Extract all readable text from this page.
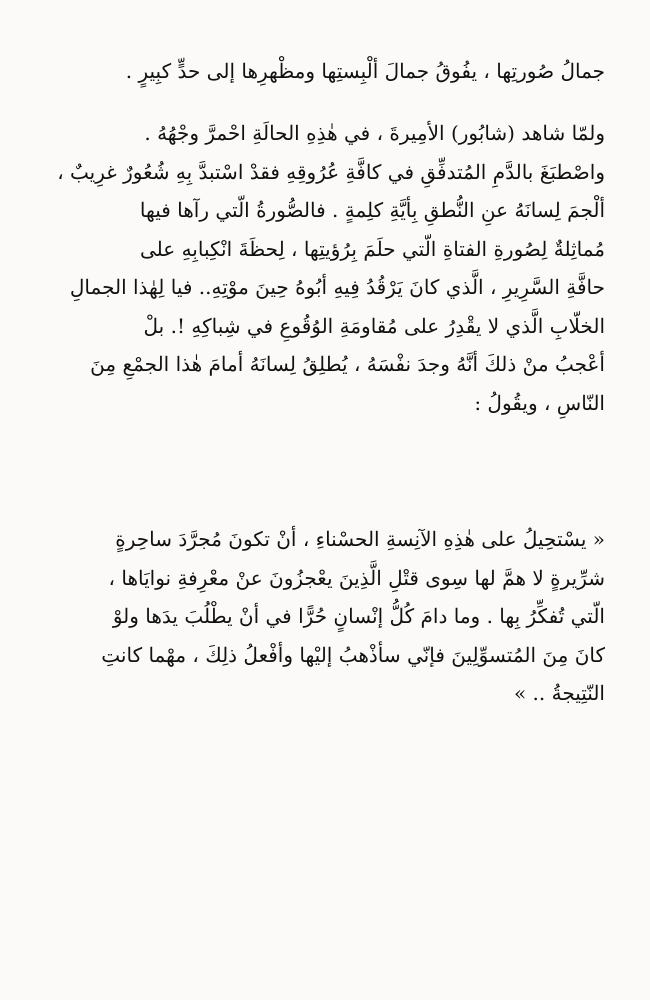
جمالُ صُورتِها ، يفُوقُ جمالَ ألْبِستِها ومظْهرِها إلى حدٍّ كبِيرٍ .
ولمّا شاهد (شابُور) الأمِيرةَ ، في هٰذِهِ الحالَةِ احْمرَّ وجْهُهُ .
واصْطبَغَ بالدَّمِ المُتدفِّقِ في كافَّةِ عُرُوقِهِ فقدْ اسْتبدَّ بِهِ شُعُورٌ غرِيبٌ ،
ألْجمَ لِسانَهُ عنِ النُّطقِ بِأيَّةِ كلِمةٍ . فالصُّورةُ الّتي رآها فيها
مُماثِلةٌ لِصُورةِ الفتاةِ الّتي حلَمَ بِرُؤيتِها ، لِحظَةَ انْكِبابِهِ على
حافَّةِ السَّرِيرِ ، الَّذي كانَ يَرْقُدُ فِيهِ أبُوهُ حِينَ موْتِهِ.. فيا لِهٰذا الجمالِ
الخلّابِ الَّذي لا يقْدِرُ على مُقاومَةِ الوُقُوعِ في شِباكِهِ !. بلْ
أعْجبُ منْ ذلكَ أنَّهُ وجدَ نفْسَهُ ، يُطلِقُ لِسانَهُ أمامَ هٰذا الجمْعِ مِنَ
النّاسِ ، ويقُولُ :
« يسْتحِيلُ على هٰذِهِ الآنِسةِ الحسْناءِ ، أنْ تكونَ مُجرَّدَ ساحِرةٍ
شرِّيرةٍ لا همَّ لها سِوى قتْلِ الَّذِينَ يعْجزُونَ عنْ معْرِفةِ نوايَاها ،
الّتي تُفكِّرُ بِها . وما دامَ كُلُّ إنْسانٍ حُرًّا في أنْ يطْلُبَ يدَها ولوْ
كانَ مِنَ المُتسوِّلِينَ فإنّي سأذْهبُ إليْها وأفْعلُ ذلِكَ ، مهْما كانتِ
النّتِيجةُ .. »
